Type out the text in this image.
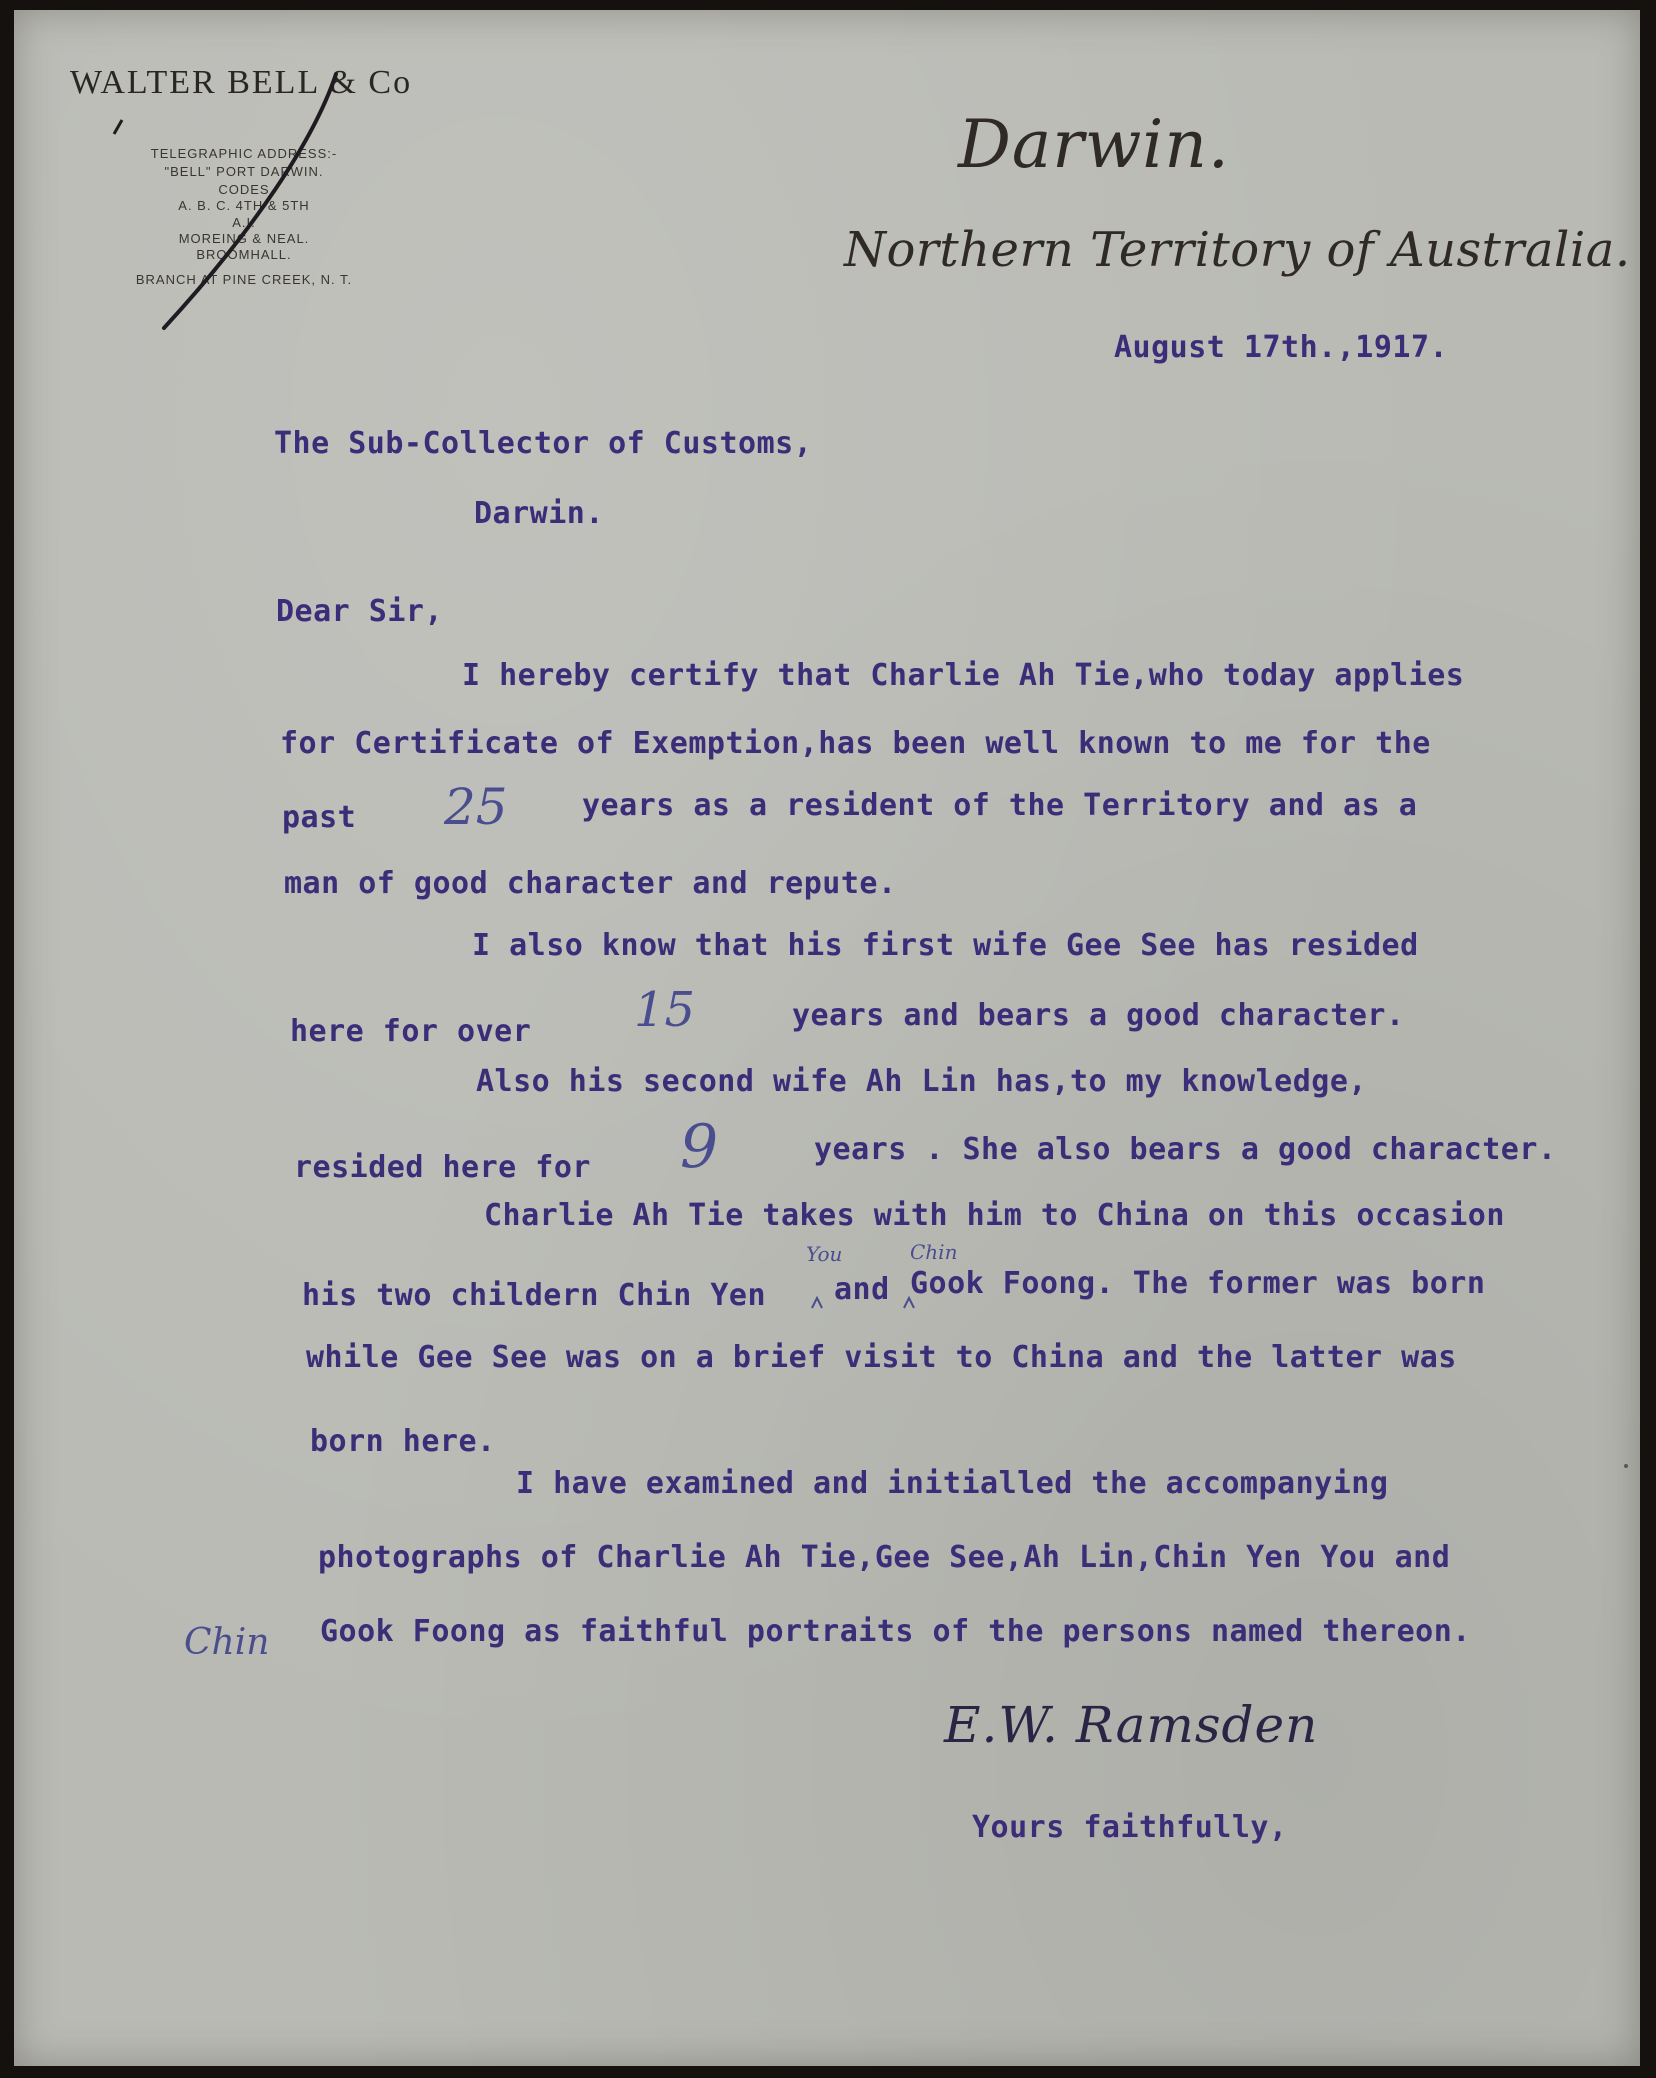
WALTER BELL & Co
TELEGRAPHIC ADDRESS:-
"BELL" PORT DARWIN.
CODES
A. B. C. 4TH & 5TH
A.I.
MOREING & NEAL.
BROOMHALL.
BRANCH AT PINE CREEK, N. T.
Darwin.
Northern Territory of Australia.
August 17th.,1917.
The Sub-Collector of Customs,
Darwin.
Dear Sir,
I hereby certify that Charlie Ah Tie,who today applies
for Certificate of Exemption,has been well known to me for the
past 25 years as a resident of the Territory and as a
man of good character and repute.
I also know that his first wife Gee See has resided
here for over 15	years and bears a good character.
Also his second wife Ah Lin has,to my knowledge,
resided here for 9	years . She also bears a good character.
Charlie Ah Tie takes with him to China on this occasion
his two childern Chin Yen
You
and
Chin
Gook Foong. The former was born
while Gee See was on a brief visit to China and the latter was
born here.
I have examined and initialled the accompanying
photographs of Charlie Ah Tie,Gee See,Ah Lin,Chin Yen You and
Chin Gook Foong as faithful portraits of the persons named thereon.
E.W. Ramsden
Yours faithfully,
